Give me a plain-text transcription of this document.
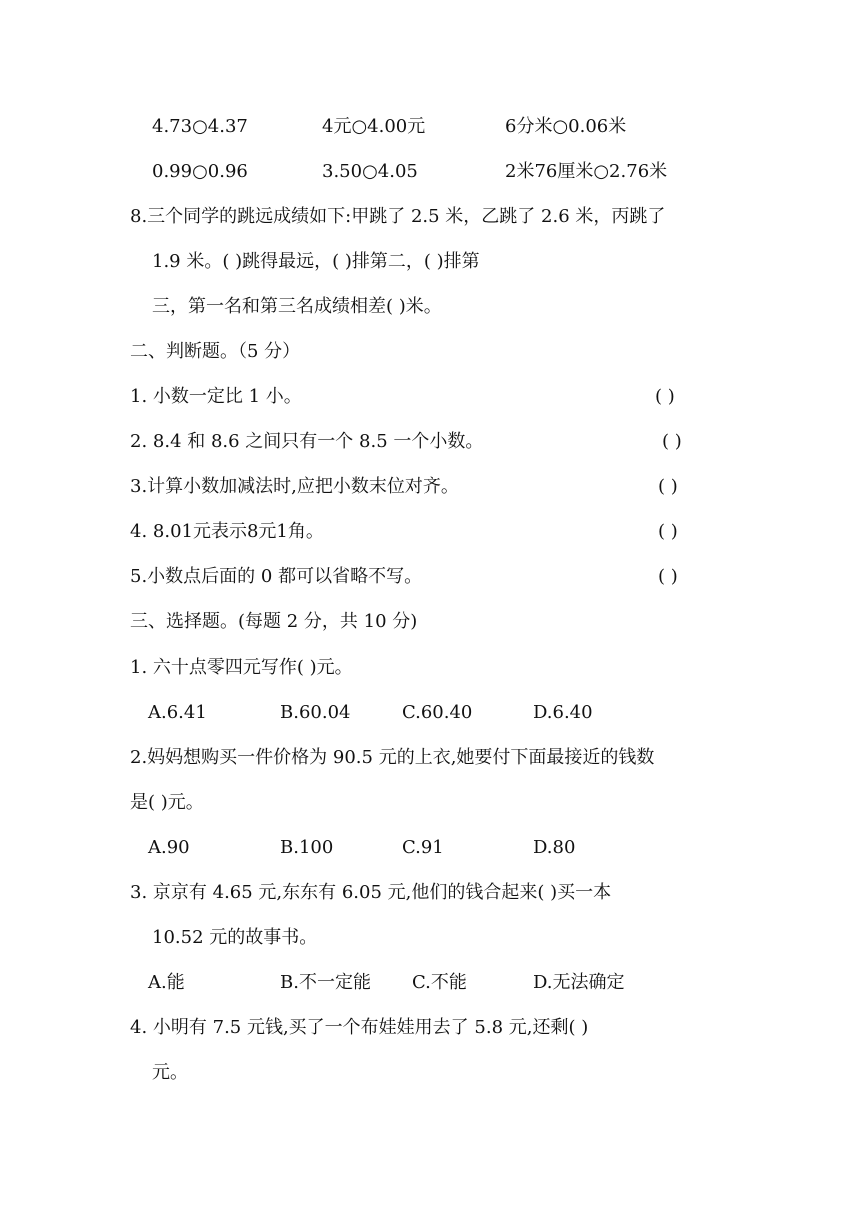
4.73○4.37	4元○4.00元	6分米○0.06米
0.99○0.96	3.50○4.05	2米76厘米○2.76米
8.三个同学的跳远成绩如下:甲跳了 2.5 米，乙跳了 2.6 米，丙跳了
1.9 米。( )跳得最远，( )排第二，( )排第
三，第一名和第三名成绩相差( )米。
二、判断题。（5 分）
1. 小数一定比 1 小。	( )
2. 8.4 和 8.6 之间只有一个 8.5 一个小数。	( )
3.计算小数加减法时,应把小数末位对齐。	( )
4. 8.01元表示8元1角。	( )
5.小数点后面的 0 都可以省略不写。	( )
三、选择题。(每题 2 分，共 10 分)
1. 六十点零四元写作( )元。
A.6.41	B.60.04	C.60.40	D.6.40
2.妈妈想购买一件价格为 90.5 元的上衣,她要付下面最接近的钱数
是( )元。
A.90	B.100	C.91	D.80
3. 京京有 4.65 元,东东有 6.05 元,他们的钱合起来( )买一本
10.52 元的故事书。
A.能	B.不一定能 C.不能	D.无法确定
4. 小明有 7.5 元钱,买了一个布娃娃用去了 5.8 元,还剩( )
元。
